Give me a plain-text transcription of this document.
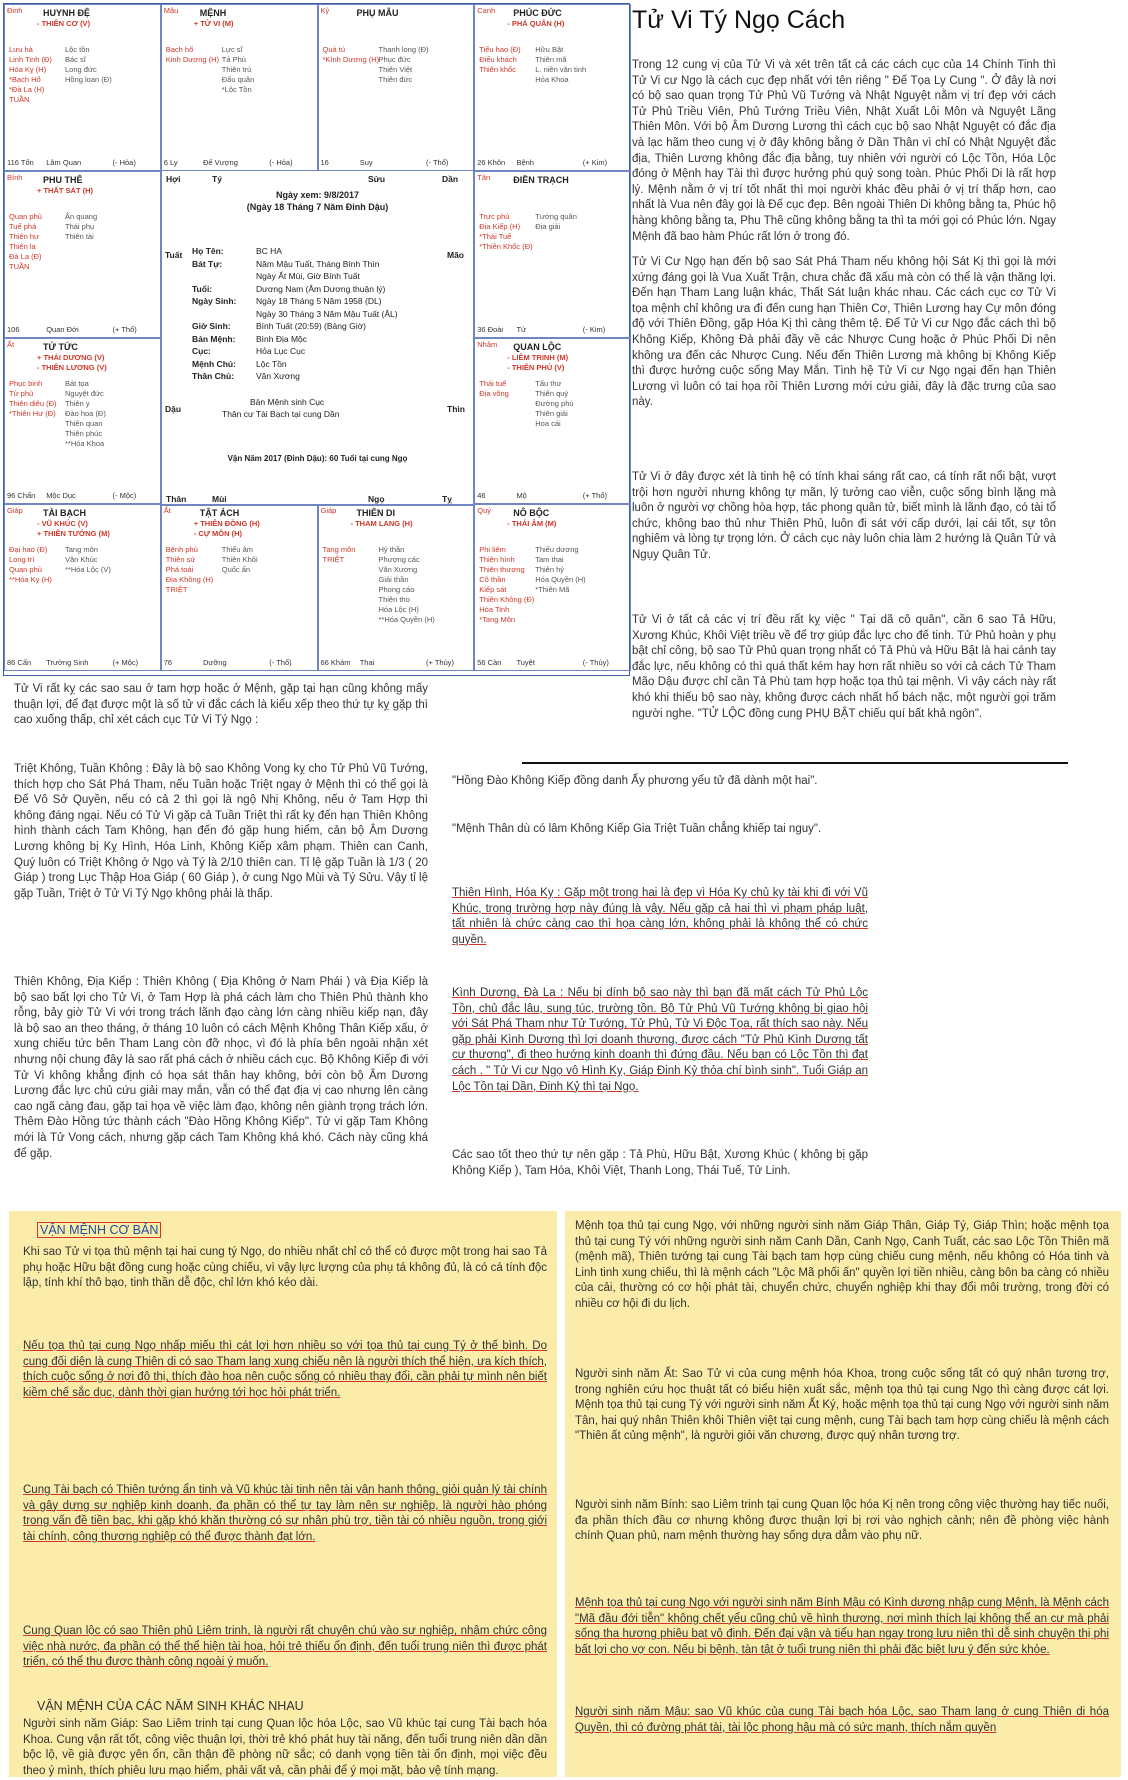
Đinh HUYNH ĐỆ
- THIÊN CƠ (V)
Lưu hà
Linh Tinh (Đ)
Hóa Kỵ (H)
*Bạch Hổ
*Đà La (H)
TUẦN
Lộc tồn
Bác sĩ
Long đức
Hồng loan (Đ)
116 Tốn Lâm Quan	(- Hỏa)
Mậu MỆNH
+ TỬ VI (M)
Bạch hổ
Kinh Dương (H)
Lực sĩ
Tả Phù
Thiên trù
Đẩu quân
*Lộc Tồn
6 Ly	Đế Vượng	(- Hỏa)
Kỷ	PHỤ MẪU
Quả tú
*Kình Dương (H)
Thanh long (Đ)
Phục đức
Thiên Việt
Thiên đức
16	Suy	(- Thổ)
Canh PHÚC ĐỨC
- PHÁ QUÂN (H)
Tiểu hao (Đ)
Điếu khách
Thiên khốc
Hữu Bật
Thiên mã
L. niên văn tinh
Hóa Khoa
26 Khôn Bệnh	(+ Kim)
Bính PHU THÊ
+ THẤT SÁT (H)
Quan phủ
Tuế phá
Thiên hư
Thiên la
Đà La (Đ)
TUẦN
Ân quang
Thái phụ
Thiên tài
106	Quan Đới	(+ Thổ)
Tân	ĐIỀN TRẠCH
Trực phù
Địa Kiếp (H)
*Thái Tuế
*Thiên Khốc (Đ)
Tướng quân
Địa giải
36 Đoài Tử	(- Kim)
Ất	TỬ TỨC
+ THÁI DƯƠNG (V)
- THIÊN LƯƠNG (V)
Phục binh
Tử phù
Thiên diêu (Đ)
*Thiên Hư (Đ)
Bát tọa
Nguyệt đức
Thiên y
Đào hoa (Đ)
Thiên quan
Thiên phúc
**Hóa Khoa
96 Chấn Mộc Dục	(- Mộc)
Nhâm QUAN LỘC
- LIÊM TRINH (M)
- THIÊN PHỦ (V)
Thái tuế
Địa võng
Tấu thư
Thiên quý
Đường phù
Thiên giải
Hoa cái
46	Mộ	(+ Thổ)
Giáp TÀI BẠCH
- VŨ KHÚC (V)
+ THIÊN TƯỚNG (M)
Đại hao (Đ)
Long trì
Quan phù
**Hóa Kỵ (H)
Tang môn
Văn Khúc
**Hóa Lộc (V)
86 Cấn Trường Sinh	(+ Mộc)
Ất	TẬT ÁCH
+ THIÊN ĐỒNG (H)
- CỰ MÔN (H)
Bệnh phù
Thiên sứ
Phá toái
Địa Không (H)
TRIỆT
Thiếu âm
Thiên Khôi
Quốc ấn
76	Dưỡng	(- Thổ)
Giáp THIÊN DI
- THAM LANG (H)
Tang môn
TRIỆT
Hỷ thần
Phượng các
Văn Xương
Giải thần
Phong cáo
Thiên tho
Hóa Lộc (H)
**Hóa Quyền (H)
66 Khảm Thai	(+ Thủy)
Quý NÔ BỘC
- THÁI ÂM (M)
Phi liêm
Thiên hình
Thiên thương
Cô thần
Kiếp sát
Thiên Không (Đ)
Hóa Tinh
*Tang Môn
Thiếu dương
Tam thai
Thiên hỷ
Hóa Quyền (H)
*Thiên Mã
56 Càn Tuyệt	(- Thủy)
Hợi	Tý	Sửu	Dần
Tuất	Mão
Dậu	Thìn
Thân	Mùi	Ngọ	Tỵ
Ngày xem: 9/8/2017
(Ngày 18 Tháng 7 Năm Đinh Dậu)
Họ Tên:	BC HA
Bát Tự:	Năm Mậu Tuất, Tháng Bính Thìn
Ngày Ất Mùi, Giờ Bính Tuất
Tuổi:	Dương Nam (Âm Dương thuận lý)
Ngày Sinh:	Ngày 18 Tháng 5 Năm 1958 (DL)
Ngày 30 Tháng 3 Năm Mậu Tuất (ÂL)
Giờ Sinh:	Bính Tuất (20:59) (Bảng Giờ)
Bản Mệnh:	Bình Địa Mộc
Cục:	Hỏa Lục Cục
Mệnh Chủ:	Lộc Tồn
Thân Chủ:	Văn Xương
Bản Mệnh sinh Cục
Thân cư Tài Bạch tại cung Dần
Vận Năm 2017 (Đinh Dậu): 60 Tuổi tại cung Ngọ
Tử Vi Tý Ngọ Cách
Trong 12 cung vị của Tử Vi và xét trên tất cả các cách cục của 14 Chính Tinh thì Tử Vi cư Ngọ là cách cục đẹp nhất với tên riêng " Đế Tọa Ly Cung ". Ở đây là nơi có bộ sao quan trọng Tử Phủ Vũ Tướng và Nhật Nguyệt nằm vị trí đẹp với cách Tử Phủ Triều Viên, Phủ Tướng Triều Viên, Nhật Xuất Lôi Môn và Nguyệt Lãng Thiên Môn. Với bộ Âm Dương Lương thì cách cục bộ sao Nhật Nguyệt có đắc địa và lạc hãm theo cung vị ở đây không bằng ở Dần Thân vì chỉ có Nhật Nguyệt đắc địa, Thiên Lương không đắc địa bằng, tuy nhiên với người có Lộc Tồn, Hóa Lộc đóng ở Mệnh hay Tài thì được hưởng phú quý song toàn. Phúc Phối Di là rất hợp lý. Mệnh nằm ở vị trí tốt nhất thì mọi người khác đều phải ở vị trí thấp hơn, cao nhất là Vua nên đây gọi là Đế cục đẹp. Bên ngoài Thiên Di không bằng ta, Phúc hộ hàng không bằng ta, Phu Thê cũng không bằng ta thì ta mới gọi có Phúc lớn. Ngay Mệnh đã bao hàm Phúc rất lớn ở trong đó.
Tử Vi Cư Ngọ hạn đến bộ sao Sát Phá Tham nếu không hội Sát Kị thì gọi là mới xứng đáng gọi là Vua Xuất Trận, chưa chắc đã xấu mà còn có thể là vận thăng lợi. Đến hạn Tham Lang luận khác, Thất Sát luận khác nhau. Các cách cục cơ Tử Vi tọa mệnh chỉ không ưa đi đến cung hạn Thiên Cơ, Thiên Lương hay Cự môn đóng độ với Thiên Đồng, gặp Hóa Kị thì càng thêm tệ. Để Tử Vi cư Ngọ đắc cách thì bộ Không Kiếp, Không Đà phải đầy về các Nhược Cung hoặc ở Phúc Phối Di nên không ưa đến các Nhược Cung. Nếu đến Thiên Lương mà không bị Không Kiếp thì được hưởng cuộc sống May Mắn. Tình hệ Tử Vi cư Ngọ ngại đến hạn Thiên Lương vì luôn có tai họa rồi Thiên Lương mới cứu giải, đây là đặc trưng của sao này.
Tử Vi ở đây được xét là tinh hệ có tính khai sáng rất cao, cá tính rất nổi bật, vượt trội hơn người nhưng không tự mãn, lý tưởng cao viễn, cuộc sống bình lặng mà luôn ở người vợ chồng hòa hợp, tác phong quân tử, biết mình là lãnh đạo, có tài tổ chức, không bao thủ như Thiên Phủ, luôn đi sát với cấp dưới, lại cái tốt, sự tôn nghiêm và lòng tự trọng lớn. Ở cách cục này luôn chia làm 2 hướng là Quân Tử và Ngụy Quân Tử.
Tử Vi ở tất cả các vị trí đều rất kỵ việc " Tại dã cô quân", cần 6 sao Tả Hữu, Xương Khúc, Khôi Việt triều về để trợ giúp đắc lực cho đế tinh. Tử Phủ hoàn y phụ bật chỉ công, bộ sao Tử Phủ quan trọng nhất có Tả Phù và Hữu Bật là hai cánh tay đắc lực, nếu không có thì quá thất kém hay hơn rất nhiều so với cả cách Tử Tham Mão Dậu được chỉ cần Tả Phù tam hợp hoặc tọa thủ tại mệnh. Vì vậy cách này rất khó khi thiếu bộ sao này, không được cách nhất hổ bách nặc, một người gọi trăm người nghe. "TỬ LỘC đồng cung PHỤ BẬT chiếu quí bất khả ngôn".
Tử Vi rất kỵ các sao sau ở tam hợp hoặc ở Mệnh, gặp tại hạn cũng không mấy thuận lợi, để đạt được một là số tử vi đắc cách là kiểu xếp theo thứ tự kỵ gặp thì cao xuống thấp, chỉ xét cách cục Tử Vi Tý Ngọ :
Triệt Không, Tuần Không : Đây là bộ sao Không Vong kỵ cho Tử Phủ Vũ Tướng, thích hợp cho Sát Phá Tham, nếu Tuần hoặc Triệt ngay ở Mệnh thì có thể gọi là Đế Vô Sở Quyền, nếu có cả 2 thì gọi là ngộ Nhị Không, nếu ở Tam Hợp thì không đáng ngại. Nếu có Tử Vi gặp cả Tuần Triệt thì rất kỵ đến hạn Thiên Không hình thành cách Tam Không, hạn đến đó gặp hung hiểm, cản bộ Âm Dương Lương không bị Kỵ Hình, Hóa Linh, Không Kiếp xâm phạm. Thiên can Canh, Quý luôn có Triệt Không ở Ngọ và Tý là 2/10 thiên can. Tỉ lệ gặp Tuần là 1/3 ( 20 Giáp ) trong Lục Thập Hoa Giáp ( 60 Giáp ), ở cung Ngọ Mùi và Tý Sửu. Vậy tỉ lệ gặp Tuần, Triệt ở Tử Vi Tý Ngọ không phải là thấp.
Thiên Không, Địa Kiếp : Thiên Không ( Địa Không ở Nam Phái ) và Địa Kiếp là bộ sao bất lợi cho Tử Vi, ở Tam Hợp là phá cách làm cho Thiên Phủ thành kho rỗng, bảy giờ Tử Vi với trong trách lãnh đạo càng lớn càng nhiều kiếp nạn, đây là bộ sao an theo tháng, ở tháng 10 luôn có cách Mệnh Không Thân Kiếp xấu, ở xung chiếu tức bên Tham Lang còn đỡ nhọc, vì đó là phía bên ngoài nhận xét nhưng nội chung đây là sao rất phá cách ở nhiều cách cục. Bộ Không Kiếp đi với Tử Vi không khẳng định có họa sát thân hay không, bởi còn bộ Âm Dương Lương đắc lực chủ cứu giải may mắn, vẫn có thể đạt địa vị cao nhưng lên càng cao ngã càng đau, gặp tai họa về việc làm đạo, không nên giành trọng trách lớn. Thêm Đào Hồng tức thành cách "Đào Hồng Không Kiếp". Tử vi gặp Tam Không mới là Tử Vong cách, nhưng gặp cách Tam Không khá khó. Cách này cũng khá để gặp.
"Hồng Đào Không Kiếp đồng danh Ấy phương yểu tử đã dành một hai".
"Mệnh Thân dù có lâm Không Kiếp Gia Triệt Tuần chẳng khiếp tai nguy".
Thiên Hình, Hóa Kỵ : Gặp một trong hai là đẹp vì Hóa Kỵ chủ kỵ tài khi đi với Vũ Khúc, trong trường hợp này đúng là vậy. Nếu gặp cả hai thì vi phạm pháp luật, tất nhiên là chức càng cao thì họa càng lớn, không phải là không thể có chức quyền.
Kình Dương, Đà La : Nếu bị dính bộ sao này thì bạn đã mất cách Tử Phủ Lộc Tồn, chủ đắc lâu, sung túc, trường tồn. Bộ Tử Phủ Vũ Tướng không bị giao hội với Sát Phá Tham như Tử Tướng, Tử Phủ, Tử Vi Độc Tọa, rất thích sao này. Nếu gặp phải Kình Dương thì lợi doanh thương, được cách "Tử Phủ Kình Dương tất cự thương", đi theo hướng kinh doanh thì đứng đầu. Nếu bạn có Lộc Tồn thì đạt cách . " Tử Vi cư Ngọ vô Hình Kỵ, Giáp Đinh Kỷ thỏa chí bình sinh". Tuổi Giáp an Lộc Tồn tại Dần, Đinh Kỷ thì tại Ngọ.
Các sao tốt theo thứ tự nên gặp : Tả Phù, Hữu Bật, Xương Khúc ( không bị gặp Không Kiếp ), Tam Hóa, Khôi Việt, Thanh Long, Thái Tuế, Tử Linh.
VẬN MỆNH CƠ BẢN
Khi sao Tử vi tọa thủ mệnh tại hai cung tý Ngọ, do nhiều nhất chỉ có thể có được một trong hai sao Tả phụ hoặc Hữu bật đồng cung hoặc cùng chiếu, vì vậy lực lượng của phụ tá không đủ, là có cá tính độc lập, tính khí thô bạo, tinh thần dễ độc, chỉ lớn khó kéo dài.
Nếu tọa thủ tại cung Ngọ nhấp miếu thì cát lợi hơn nhiều so với tọa thủ tại cung Tý ở thế bình. Do cung đối diện là cung Thiên di có sao Tham lang xung chiếu nên là người thích thể hiện, ưa kích thích, thích cuộc sống ở nơi đô thị, thích đào hoa nên cuộc sống có nhiều thay đổi, cần phải tự mình nên biết kiềm chế sắc dục, dành thời gian hướng tới học hỏi phát triển.
Cung Tài bạch có Thiên tướng ẩn tinh và Vũ khúc tài tinh nên tài vận hanh thông, giỏi quản lý tài chính và gây dựng sự nghiệp kinh doanh, đa phần có thể tự tay làm nên sự nghiệp, là người hào phóng trong vấn đề tiền bạc, khi gặp khó khăn thường có sự nhân phù trợ, tiền tài có nhiều nguồn, trong giới tài chính, công thương nghiệp có thể được thành đạt lớn.
Cung Quan lộc có sao Thiên phủ Liêm trinh, là người rất chuyên chú vào sự nghiệp, nhậm chức công việc nhà nước, đa phần có thể thể hiện tài hoa, hỏi trẻ thiếu ổn định, đến tuổi trung niên thì được phát triển, có thể thu được thành công ngoài ý muốn.
VẬN MỆNH CỦA CÁC NĂM SINH KHÁC NHAU
Người sinh năm Giáp: Sao Liêm trinh tại cung Quan lộc hóa Lộc, sao Vũ khúc tại cung Tài bạch hóa Khoa. Cung vận rất tốt, công việc thuận lợi, thời trẻ khó phát huy tài năng, đến tuổi trung niên dần dần bộc lộ, về già được yên ổn, cần thận đề phòng nữ sắc; có danh vọng tiền tài ổn định, mọi việc đều theo ý mình, thích phiêu lưu mạo hiểm, phải vất vả, cần phải để ý mọi mặt, bảo vệ tính mạng.
Mệnh tọa thủ tại cung Ngọ, với những người sinh năm Giáp Thân, Giáp Tý, Giáp Thìn; hoặc mệnh tọa thủ tại cung Tý với những người sinh năm Canh Dần, Canh Ngọ, Canh Tuất, các sao Lộc Tồn Thiên mã (mệnh mã), Thiên tướng tại cung Tài bạch tam hợp cùng chiếu cung mệnh, nếu không có Hóa tinh và Linh tinh xung chiếu, thì là mệnh cách "Lộc Mã phối ấn" quyền lợi tiền nhiều, càng bôn ba càng có nhiều của cải, thường có cơ hội phát tài, chuyển chức, chuyển nghiệp khi thay đổi môi trường, trong đời có nhiều cơ hội đi du lịch.
Người sinh năm Ất: Sao Tử vi của cung mệnh hóa Khoa, trong cuộc sống tất có quý nhân tương trợ, trong nghiên cứu học thuật tất có biểu hiện xuất sắc, mệnh tọa thủ tại cung Ngọ thì càng được cát lợi. Mệnh tọa thủ tại cung Tý với người sinh năm Ất Ký, hoặc mệnh tọa thủ tại cung Ngọ với người sinh năm Tân, hai quý nhân Thiên khôi Thiên việt tại cung mệnh, cung Tài bạch tam hợp cùng chiếu là mệnh cách "Thiên ất củng mệnh", là người giỏi văn chương, được quý nhân tương trợ.
Người sinh năm Bính: sao Liêm trinh tại cung Quan lộc hóa Kị nên trong công việc thường hay tiếc nuối, đa phần thích đầu cơ nhưng không được thuận lợi bị rơi vào nghịch cảnh; nên đề phòng việc hành chính Quan phủ, nam mệnh thường hay sống dựa dẫm vào phụ nữ.
Mệnh tọa thủ tại cung Ngọ với người sinh năm Bính Mậu có Kình dương nhập cung Mệnh, là Mệnh cách "Mã đầu đới tiễn" không chết yểu cũng chủ về hình thương, nơi mình thích lại không thể an cư mà phải sống tha hương phiêu bạt vô định. Đến đại vận và tiểu hạn ngay trong lưu niên thì dễ sinh chuyện thị phi bất lợi cho vợ con. Nếu bị bệnh, tàn tật ở tuổi trung niên thì phải đặc biệt lưu ý đến sức khỏe.
Người sinh năm Mậu: sao Vũ khúc của cung Tài bạch hóa Lộc, sao Tham lang ở cung Thiên di hóa Quyền, thì có đường phát tài, tài lộc phong hậu mà có sức mạnh, thích nắm quyền
